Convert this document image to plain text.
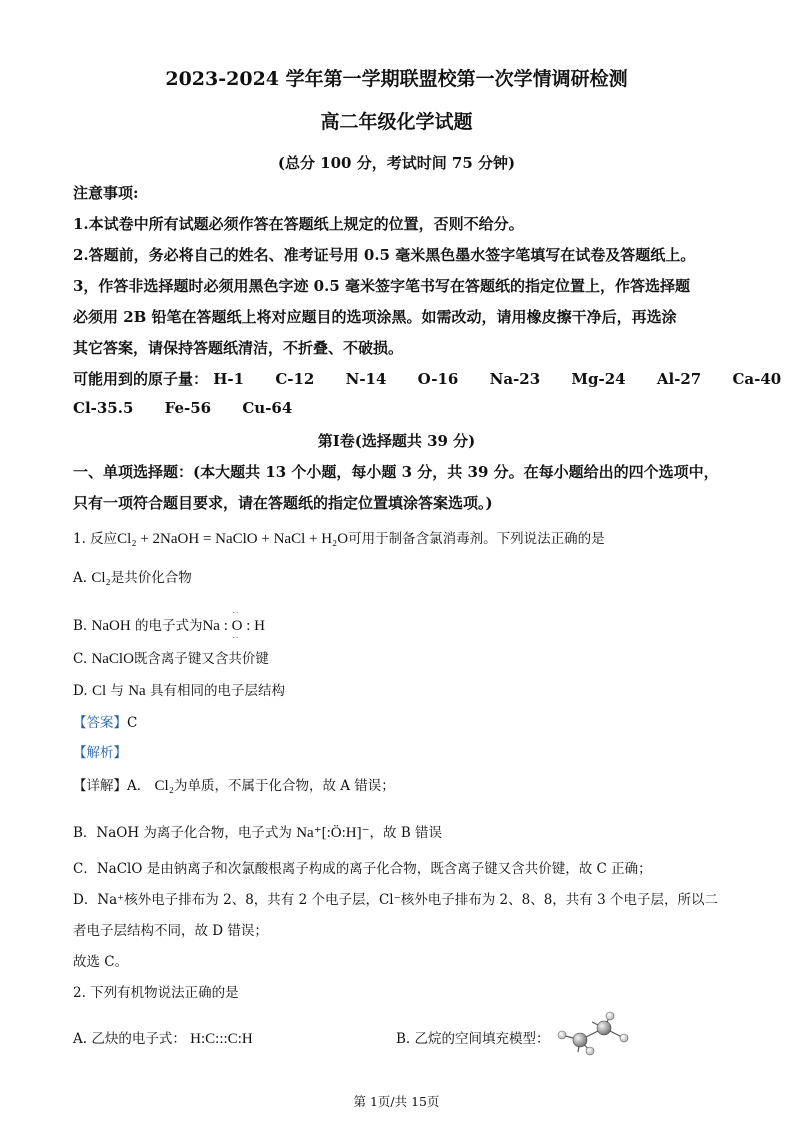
2023-2024 学年第一学期联盟校第一次学情调研检测
高二年级化学试题
(总分 100 分，考试时间 75 分钟)
注意事项:
1.本试卷中所有试题必须作答在答题纸上规定的位置，否则不给分。
2.答题前，务必将自己的姓名、准考证号用 0.5 毫米黑色墨水签字笔填写在试卷及答题纸上。
3，作答非选择题时必须用黑色字迹 0.5 毫米签字笔书写在答题纸的指定位置上，作答选择题
必须用 2B 铅笔在答题纸上将对应题目的选项涂黑。如需改动，请用橡皮擦干净后，再选涂
其它答案，请保持答题纸清洁，不折叠、不破损。
可能用到的原子量： H-1 C-12 N-14 O-16 Na-23 Mg-24 Al-27 Ca-40
Cl-35.5 Fe-56 Cu-64
第Ⅰ卷(选择题共 39 分)
一、单项选择题：(本大题共 13 个小题，每小题 3 分，共 39 分。在每小题给出的四个选项中，
只有一项符合题目要求，请在答题纸的指定位置填涂答案选项。)
1. 反应Cl₂ + 2NaOH = NaClO + NaCl + H₂O可用于制备含氯消毒剂。下列说法正确的是
A. Cl₂是共价化合物
B. NaOH 的电子式为Na :
··
O
··
: H
C. NaClO既含离子键又含共价键
D. Cl 与 Na 具有相同的电子层结构
【答案】C
【解析】
【详解】A． Cl₂为单质，不属于化合物，故 A 错误；
B．NaOH 为离子化合物，电子式为 Na⁺[:Ö:H]⁻，故 B 错误
C．NaClO 是由钠离子和次氯酸根离子构成的离子化合物，既含离子键又含共价键，故 C 正确；
D．Na⁺核外电子排布为 2、8，共有 2 个电子层，Cl⁻核外电子排布为 2、8、8，共有 3 个电子层，所以二
者电子层结构不同，故 D 错误；
故选 C。
2. 下列有机物说法正确的是
A. 乙炔的电子式： H:C:::C:H	B. 乙烷的空间填充模型：
第 1页/共 15页
